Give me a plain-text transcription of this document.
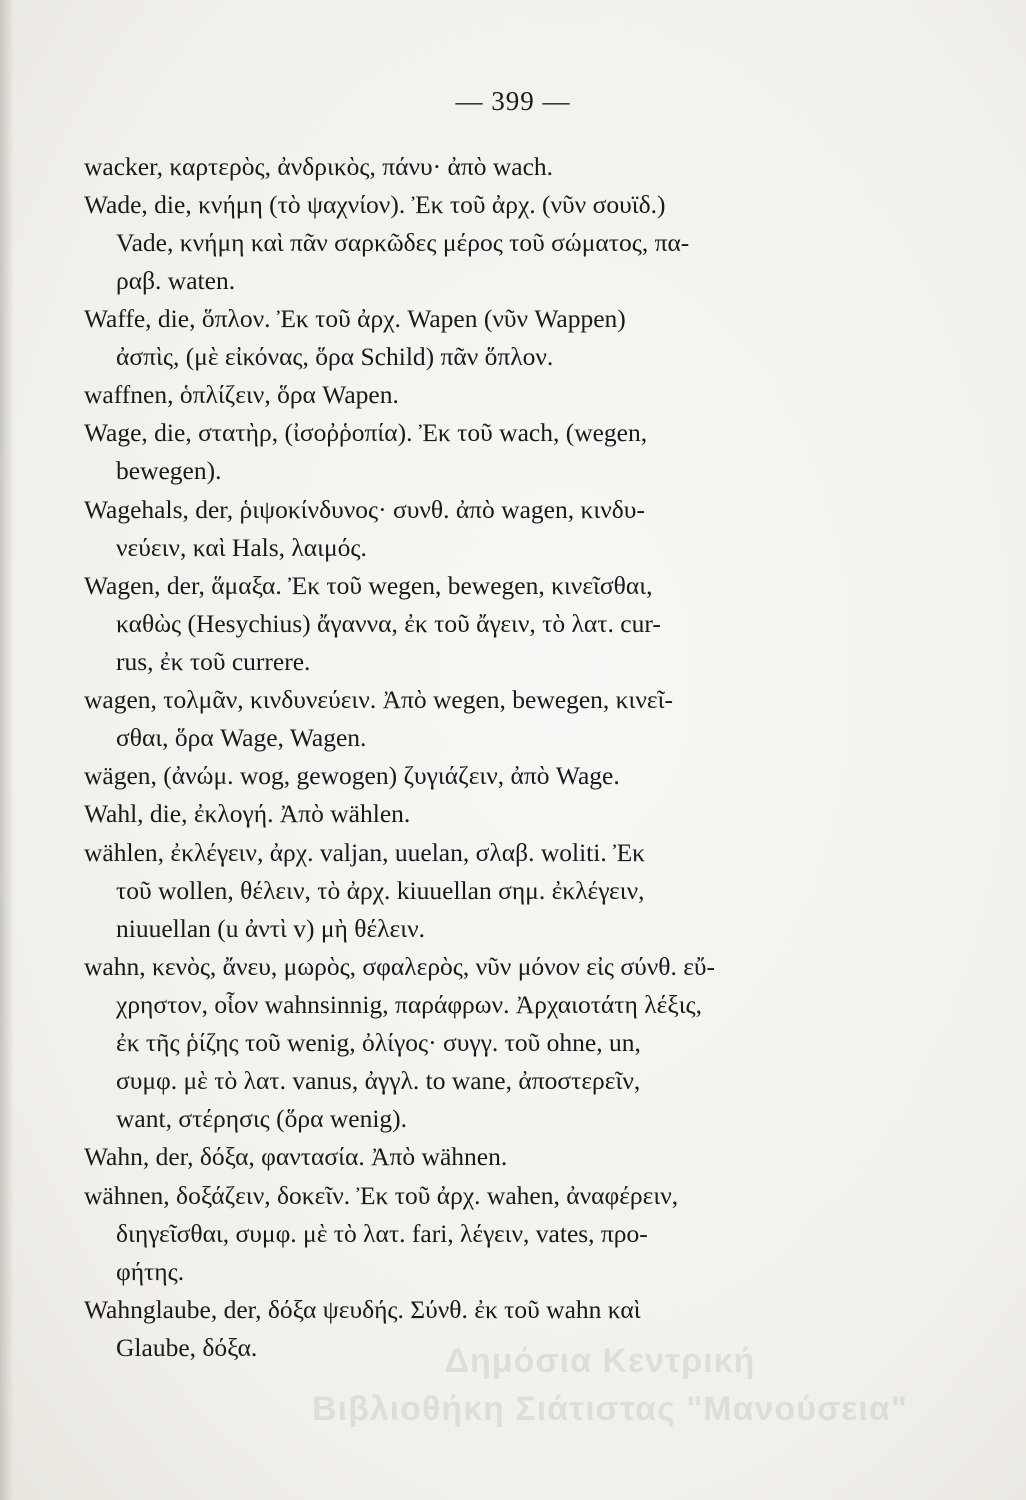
— 399 —
wacker, καρτερὸς, ἀνδρικὸς, πάνυ· ἀπὸ wach.
Wade, die, κνήμη (τὸ ψαχνίον). Ἐκ τοῦ ἀρχ. (νῦν σουϊδ.)
Vade, κνήμη καὶ πᾶν σαρκῶδες μέρος τοῦ σώματος, πα-
ραβ. waten.
Waffe, die, ὅπλον. Ἐκ τοῦ ἀρχ. Wapen (νῦν Wappen)
ἀσπὶς, (μὲ εἰκόνας, ὅρα Schild) πᾶν ὅπλον.
waffnen, ὁπλίζειν, ὅρα Wapen.
Wage, die, στατὴρ, (ἰσοῤῥοπία). Ἐκ τοῦ wach, (wegen,
bewegen).
Wagehals, der, ῥιψοκίνδυνος· συνθ. ἀπὸ wagen, κινδυ-
νεύειν, καὶ Hals, λαιμός.
Wagen, der, ἅμαξα. Ἐκ τοῦ wegen, bewegen, κινεῖσθαι,
καθὼς (Hesychius) ἄγαννα, ἐκ τοῦ ἄγειν, τὸ λατ. cur-
rus, ἐκ τοῦ currere.
wagen, τολμᾶν, κινδυνεύειν. Ἀπὸ wegen, bewegen, κινεῖ-
σθαι, ὅρα Wage, Wagen.
wägen, (ἀνώμ. wog, gewogen) ζυγιάζειν, ἀπὸ Wage.
Wahl, die, ἐκλογή. Ἀπὸ wählen.
wählen, ἐκλέγειν, ἀρχ. valjan, uuelan, σλαβ. woliti. Ἐκ
τοῦ wollen, θέλειν, τὸ ἀρχ. kiuuellan σημ. ἐκλέγειν,
niuuellan (u ἀντὶ v) μὴ θέλειν.
wahn, κενὸς, ἄνευ, μωρὸς, σφαλερὸς, νῦν μόνον εἰς σύνθ. εὔ-
χρηστον, οἷον wahnsinnig, παράφρων. Ἀρχαιοτάτη λέξις,
ἐκ τῆς ῥίζης τοῦ wenig, ὀλίγος· συγγ. τοῦ ohne, un,
συμφ. μὲ τὸ λατ. vanus, ἀγγλ. to wane, ἀποστερεῖν,
want, στέρησις (ὅρα wenig).
Wahn, der, δόξα, φαντασία. Ἀπὸ wähnen.
wähnen, δοξάζειν, δοκεῖν. Ἐκ τοῦ ἀρχ. wahen, ἀναφέρειν,
διηγεῖσθαι, συμφ. μὲ τὸ λατ. fari, λέγειν, vates, προ-
φήτης.
Wahnglaube, der, δόξα ψευδής. Σύνθ. ἐκ τοῦ wahn καὶ
Glaube, δόξα.	Δημόσια Κεντρική
Βιβλιοθήκη Σιάτιστας "Μανούσεια"
